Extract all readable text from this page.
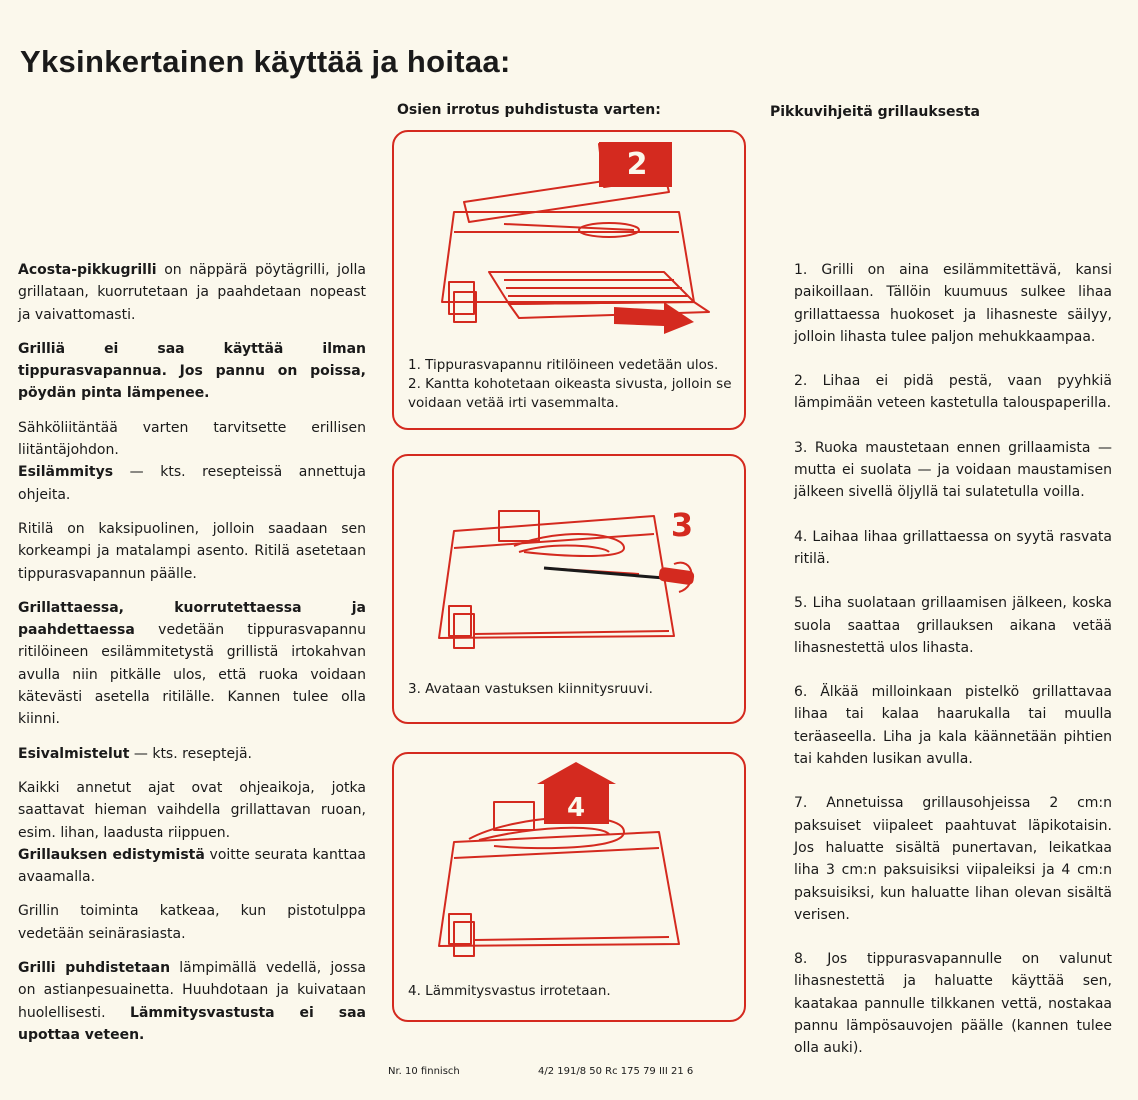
Yksinkertainen käyttää ja hoitaa:

Acosta-pikkugrilli on näppärä pöytägrilli, jolla grillataan, kuorrutetaan ja paahdetaan nopeast ja vaivattomasti.

Grilliä ei saa käyttää ilman tippurasvapannua. Jos pannu on poissa, pöydän pinta lämpenee.

Sähköliitäntää varten tarvitsette erillisen liitäntäjohdon.

Esilämmitys — kts. resepteissä annettuja ohjeita.

Ritilä on kaksipuolinen, jolloin saadaan sen korkeampi ja matalampi asento. Ritilä asetetaan tippurasvapannun päälle.

Grillattaessa, kuorrutettaessa ja paahdettaessa vedetään tippurasvapannu ritilöineen esilämmitetystä grillistä irtokahvan avulla niin pitkälle ulos, että ruoka voidaan kätevästi asetella ritilälle. Kannen tulee olla kiinni.

Esivalmistelut — kts. reseptejä.

Kaikki annetut ajat ovat ohjeaikoja, jotka saattavat hieman vaihdella grillattavan ruoan, esim. lihan, laadusta riippuen.

Grillauksen edistymistä voitte seurata kanttaa avaamalla.

Grillin toiminta katkeaa, kun pistotulppa vedetään seinärasiasta.

Grilli puhdistetaan lämpimällä vedellä, jossa on astianpesuainetta. Huuhdotaan ja kuivataan huolellisesti. Lämmitysvastusta ei saa upottaa veteen.

Osien irrotus puhdistusta varten:
2
1. Tippurasvapannu ritilöineen vedetään ulos.
2. Kantta kohotetaan oikeasta sivusta, jolloin se voidaan vetää irti vasemmalta.
3
3. Avataan vastuksen kiinnitysruuvi.
4
4. Lämmitysvastus irrotetaan.
Pikkuvihjeitä grillauksesta
1. Grilli on aina esilämmitettävä, kansi paikoillaan. Tällöin kuumuus sulkee lihaa grillattaessa huokoset ja lihasneste säilyy, jolloin lihasta tulee paljon mehukkaampaa.
2. Lihaa ei pidä pestä, vaan pyyhkiä lämpimään veteen kastetulla talouspaperilla.
3. Ruoka maustetaan ennen grillaamista — mutta ei suolata — ja voidaan maustamisen jälkeen sivellä öljyllä tai sulatetulla voilla.
4. Laihaa lihaa grillattaessa on syytä rasvata ritilä.
5. Liha suolataan grillaamisen jälkeen, koska suola saattaa grillauksen aikana vetää lihasnestettä ulos lihasta.
6. Älkää milloinkaan pistelkö grillattavaa lihaa tai kalaa haarukalla tai muulla teräaseella. Liha ja kala käännetään pihtien tai kahden lusikan avulla.
7. Annetuissa grillausohjeissa 2 cm:n paksuiset viipaleet paahtuvat läpikotaisin. Jos haluatte sisältä punertavan, leikatkaa liha 3 cm:n paksuisiksi viipaleiksi ja 4 cm:n paksuisiksi, kun haluatte lihan olevan sisältä verisen.
8. Jos tippurasvapannulle on valunut lihasnestettä ja haluatte käyttää sen, kaatakaa pannulle tilkkanen vettä, nostakaa pannu lämpösauvojen päälle (kannen tulee olla auki).
Nr. 10 finnisch	4/2 191/8 50 Rc 175 79 III 21 6
